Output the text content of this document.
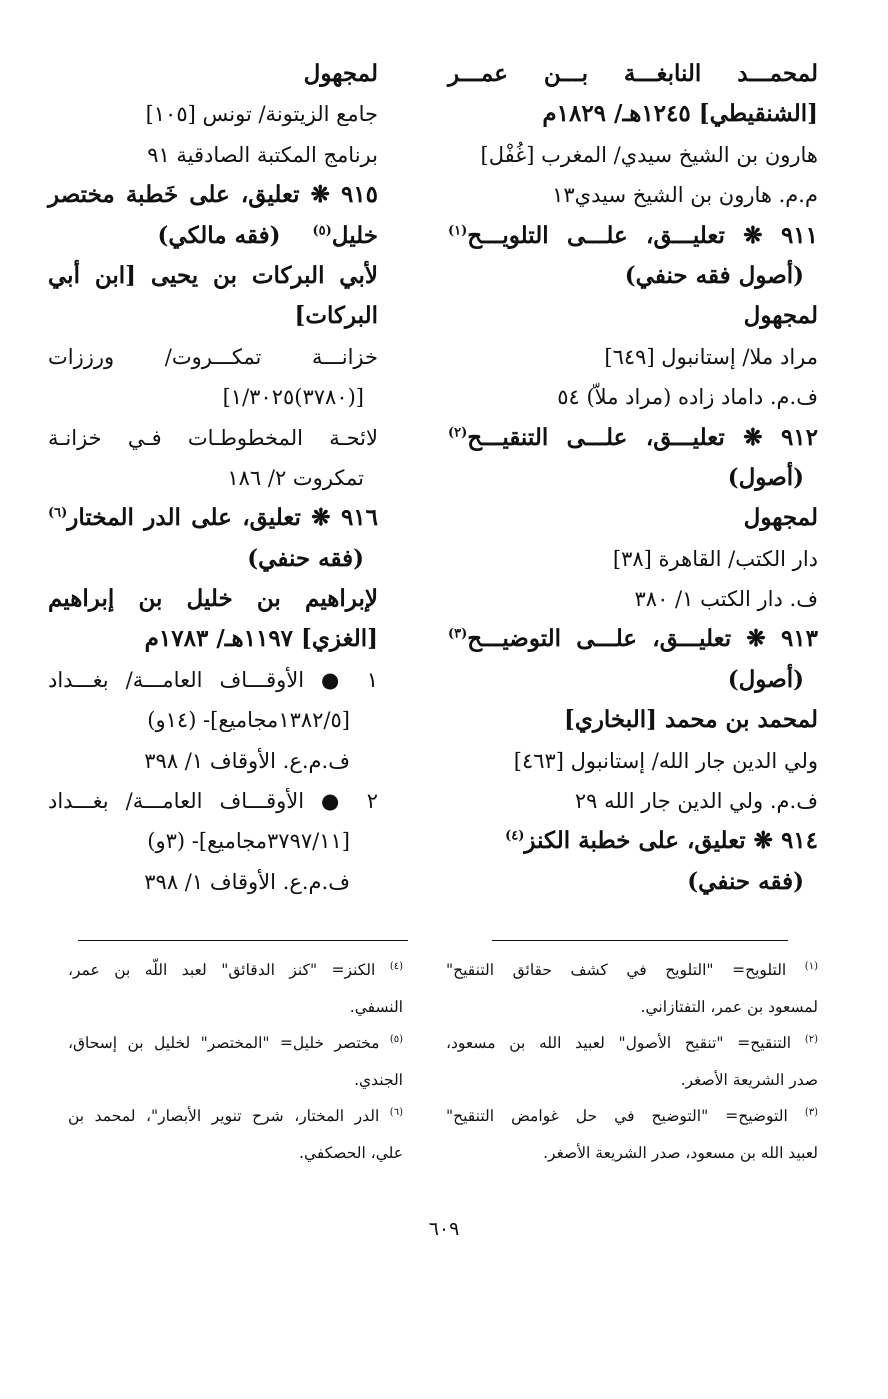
لمحمـــد النابغـــة بـــن عمـــر
[الشنقيطي] ١٢٤٥هـ/ ١٨٢٩م
هارون بن الشيخ سيدي/ المغرب [غُفْل]
م.م. هارون بن الشيخ سيدي١٣
٩١١ ❋ تعليـــق، علـــى التلويـــح$^{(١)}$
(أصول فقه حنفي)
لمجهول
مراد ملا/ إستانبول [٦٤٩]
ف.م. داماد زاده (مراد ملاّ) ٥٤
٩١٢ ❋ تعليـــق، علـــى التنقيـــح$^{(٢)}$
(أصول)
لمجهول
دار الكتب/ القاهرة [٣٨]
ف. دار الكتب ١/ ٣٨٠
٩١٣ ❋ تعليـــق، علـــى التوضيـــح$^{(٣)}$
(أصول)
لمحمد بن محمد [البخاري]
ولي الدين جار الله/ إستانبول [٤٦٣]
ف.م. ولي الدين جار الله ٢٩
٩١٤ ❋ تعليق، على خطبة الكنز$^{(٤)}$
(فقه حنفي)
لمجهول
جامع الزيتونة/ تونس [١٠٥]
برنامج المكتبة الصادقية ٩١
٩١٥ ❋ تعليق، على خَطبة مختصر
خليل$^{(٥)}$    (فقه مالكي)
لأبي البركات بن يحيى [ابن أبي
البركات]
خزانـــة تمكـــروت/ ورززات
[(٣٧٨٠)١/٣٠٢٥]
لائحـة المخطوطـات فـي خزانـة
تمكروت ٢/ ١٨٦
٩١٦ ❋ تعليق، على الدر المختار$^{(٦)}$
(فقه حنفي)
لإبراهيم بن خليل بن إبراهيم
[الغزي] ١١٩٧هـ/ ١٧٨٣م
١ ● الأوقـــاف العامـــة/ بغـــداد
[١٣٨٢/٥مجاميع]- (١٤و)
ف.م.ع. الأوقاف ١/ ٣٩٨
٢ ● الأوقـــاف العامـــة/ بغـــداد
[٣٧٩٧/١١مجاميع]- (٣و)
ف.م.ع. الأوقاف ١/ ٣٩٨
$^{(١)}$ التلويح= "التلويح في كشف حقائق التنقيح"
لمسعود بن عمر، التفتازاني.
$^{(٢)}$ التنقيح= "تنقيح الأصول" لعبيد الله بن مسعود،
صدر الشريعة الأصغر.
$^{(٣)}$ التوضيح= "التوضيح في حل غوامض التنقيح"
لعبيد الله بن مسعود، صدر الشريعة الأصغر.
$^{(٤)}$ الكنز= "كنز الدقائق" لعبد اللّه بن عمر،
النسفي.
$^{(٥)}$ مختصر خليل= "المختصر" لخليل بن إسحاق،
الجندي.
$^{(٦)}$ الدر المختار، شرح تنوير الأبصار"، لمحمد بن
علي، الحصكفي.
٦٠٩
